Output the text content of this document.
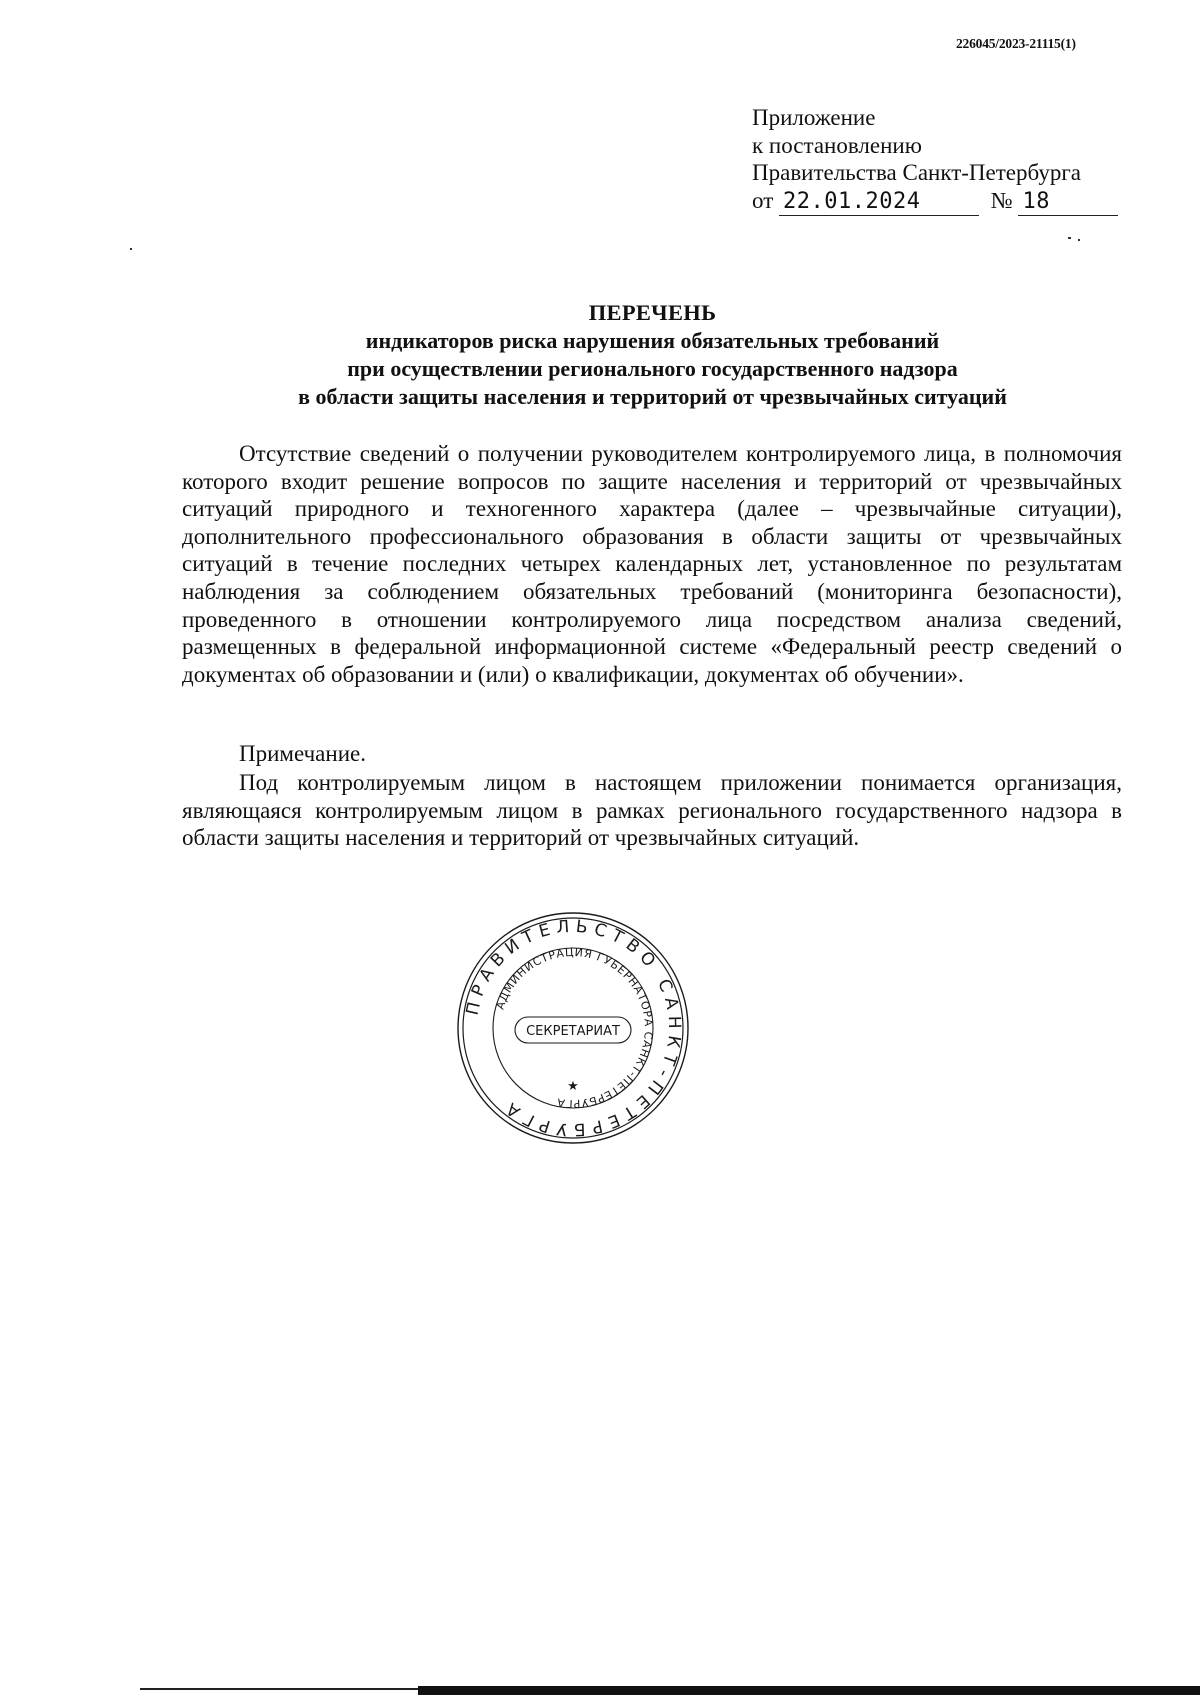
226045/2023-21115(1)
Приложение
к постановлению
Правительства Санкт-Петербурга
от 22.01.2024	№ 18
ПЕРЕЧЕНЬ
индикаторов риска нарушения обязательных требований
при осуществлении регионального государственного надзора
в области защиты населения и территорий от чрезвычайных ситуаций
Отсутствие сведений о получении руководителем контролируемого лица, в полномочия которого входит решение вопросов по защите населения и территорий от чрезвычайных ситуаций природного и техногенного характера (далее – чрезвычайные ситуации), дополнительного профессионального образования в области защиты от чрезвычайных ситуаций в течение последних четырех календарных лет, установленное по результатам наблюдения за соблюдением обязательных требований (мониторинга безопасности), проведенного в отношении контролируемого лица посредством анализа сведений, размещенных в федеральной информационной системе «Федеральный реестр сведений о документах об образовании и (или) о квалификации, документах об обучении».
Примечание.
Под контролируемым лицом в настоящем приложении понимается организация, являющаяся контролируемым лицом в рамках регионального государственного надзора в области защиты населения и территорий от чрезвычайных ситуаций.
ПРАВИТЕЛЬСТВО САНКТ-ПЕТЕРБУРГА
АДМИНИСТРАЦИЯ ГУБЕРНАТОРА САНКТ-ПЕТЕРБУРГА
СЕКРЕТАРИАТ
★
